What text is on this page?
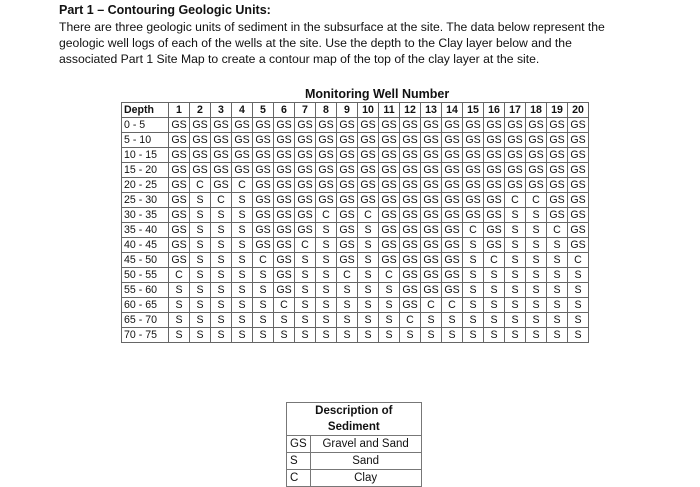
Part 1 – Contouring Geologic Units:

There are three geologic units of sediment in the subsurface at the site. The data below represent the

geologic well logs of each of the wells at the site. Use the depth to the Clay layer below and the

associated Part 1 Site Map to create a contour map of the top of the clay layer at the site.

Monitoring Well Number
Depth	1	2	3	4	5	6	7	8	9	10	11	12	13	14	15	16	17	18	19	20
0 - 5	GS	GS	GS	GS	GS	GS	GS	GS	GS	GS	GS	GS	GS	GS	GS	GS	GS	GS	GS	GS
5 - 10	GS	GS	GS	GS	GS	GS	GS	GS	GS	GS	GS	GS	GS	GS	GS	GS	GS	GS	GS	GS
10 - 15	GS	GS	GS	GS	GS	GS	GS	GS	GS	GS	GS	GS	GS	GS	GS	GS	GS	GS	GS	GS
15 - 20	GS	GS	GS	GS	GS	GS	GS	GS	GS	GS	GS	GS	GS	GS	GS	GS	GS	GS	GS	GS
20 - 25	GS	C	GS	C	GS	GS	GS	GS	GS	GS	GS	GS	GS	GS	GS	GS	GS	GS	GS	GS
25 - 30	GS	S	C	S	GS	GS	GS	GS	GS	GS	GS	GS	GS	GS	GS	GS	C	C	GS	GS
30 - 35	GS	S	S	S	GS	GS	GS	C	GS	C	GS	GS	GS	GS	GS	GS	S	S	GS	GS
35 - 40	GS	S	S	S	GS	GS	GS	S	GS	S	GS	GS	GS	GS	C	GS	S	S	C	GS
40 - 45	GS	S	S	S	GS	GS	C	S	GS	S	GS	GS	GS	GS	S	GS	S	S	S	GS
45 - 50	GS	S	S	S	C	GS	S	S	GS	S	GS	GS	GS	GS	S	C	S	S	S	C
50 - 55	C	S	S	S	S	GS	S	S	C	S	C	GS	GS	GS	S	S	S	S	S	S
55 - 60	S	S	S	S	S	GS	S	S	S	S	S	GS	GS	GS	S	S	S	S	S	S
60 - 65	S	S	S	S	S	C	S	S	S	S	S	GS	C	C	S	S	S	S	S	S
65 - 70	S	S	S	S	S	S	S	S	S	S	S	C	S	S	S	S	S	S	S	S
70 - 75	S	S	S	S	S	S	S	S	S	S	S	S	S	S	S	S	S	S	S	S
Description of Sediment	
GS	Gravel and Sand
S	Sand
C	Clay
